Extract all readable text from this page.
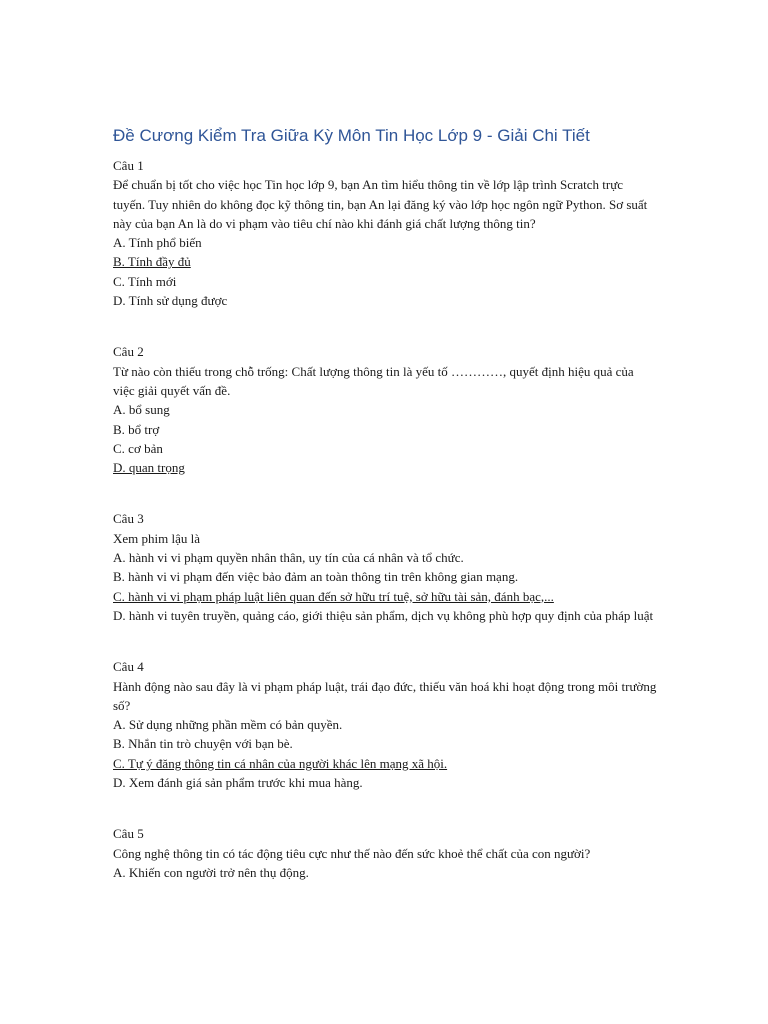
Đề Cương Kiểm Tra Giữa Kỳ Môn Tin Học Lớp 9 - Giải Chi Tiết

Câu 1

Để chuẩn bị tốt cho việc học Tin học lớp 9, bạn An tìm hiểu thông tin về lớp lập trình Scratch trực tuyến. Tuy nhiên do không đọc kỹ thông tin, bạn An lại đăng ký vào lớp học ngôn ngữ Python. Sơ suất này của bạn An là do vi phạm vào tiêu chí nào khi đánh giá chất lượng thông tin?

A. Tính phổ biến

B. Tính đầy đủ

C. Tính mới

D. Tính sử dụng được

Câu 2

Từ nào còn thiếu trong chỗ trống: Chất lượng thông tin là yếu tố …………, quyết định hiệu quả của việc giải quyết vấn đề.

A. bổ sung

B. bổ trợ

C. cơ bản

D. quan trọng

Câu 3

Xem phim lậu là

A. hành vi vi phạm quyền nhân thân, uy tín của cá nhân và tổ chức.

B. hành vi vi phạm đến việc bảo đảm an toàn thông tin trên không gian mạng.

C. hành vi vi phạm pháp luật liên quan đến sở hữu trí tuệ, sở hữu tài sản, đánh bạc,...

D. hành vi tuyên truyền, quảng cáo, giới thiệu sản phẩm, dịch vụ không phù hợp quy định của pháp luật

Câu 4

Hành động nào sau đây là vi phạm pháp luật, trái đạo đức, thiếu văn hoá khi hoạt động trong môi trường số?

A. Sử dụng những phần mềm có bản quyền.

B. Nhắn tin trò chuyện với bạn bè.

C. Tự ý đăng thông tin cá nhân của người khác lên mạng xã hội.

D. Xem đánh giá sản phẩm trước khi mua hàng.

Câu 5

Công nghệ thông tin có tác động tiêu cực như thế nào đến sức khoẻ thể chất của con người?

A. Khiến con người trở nên thụ động.
